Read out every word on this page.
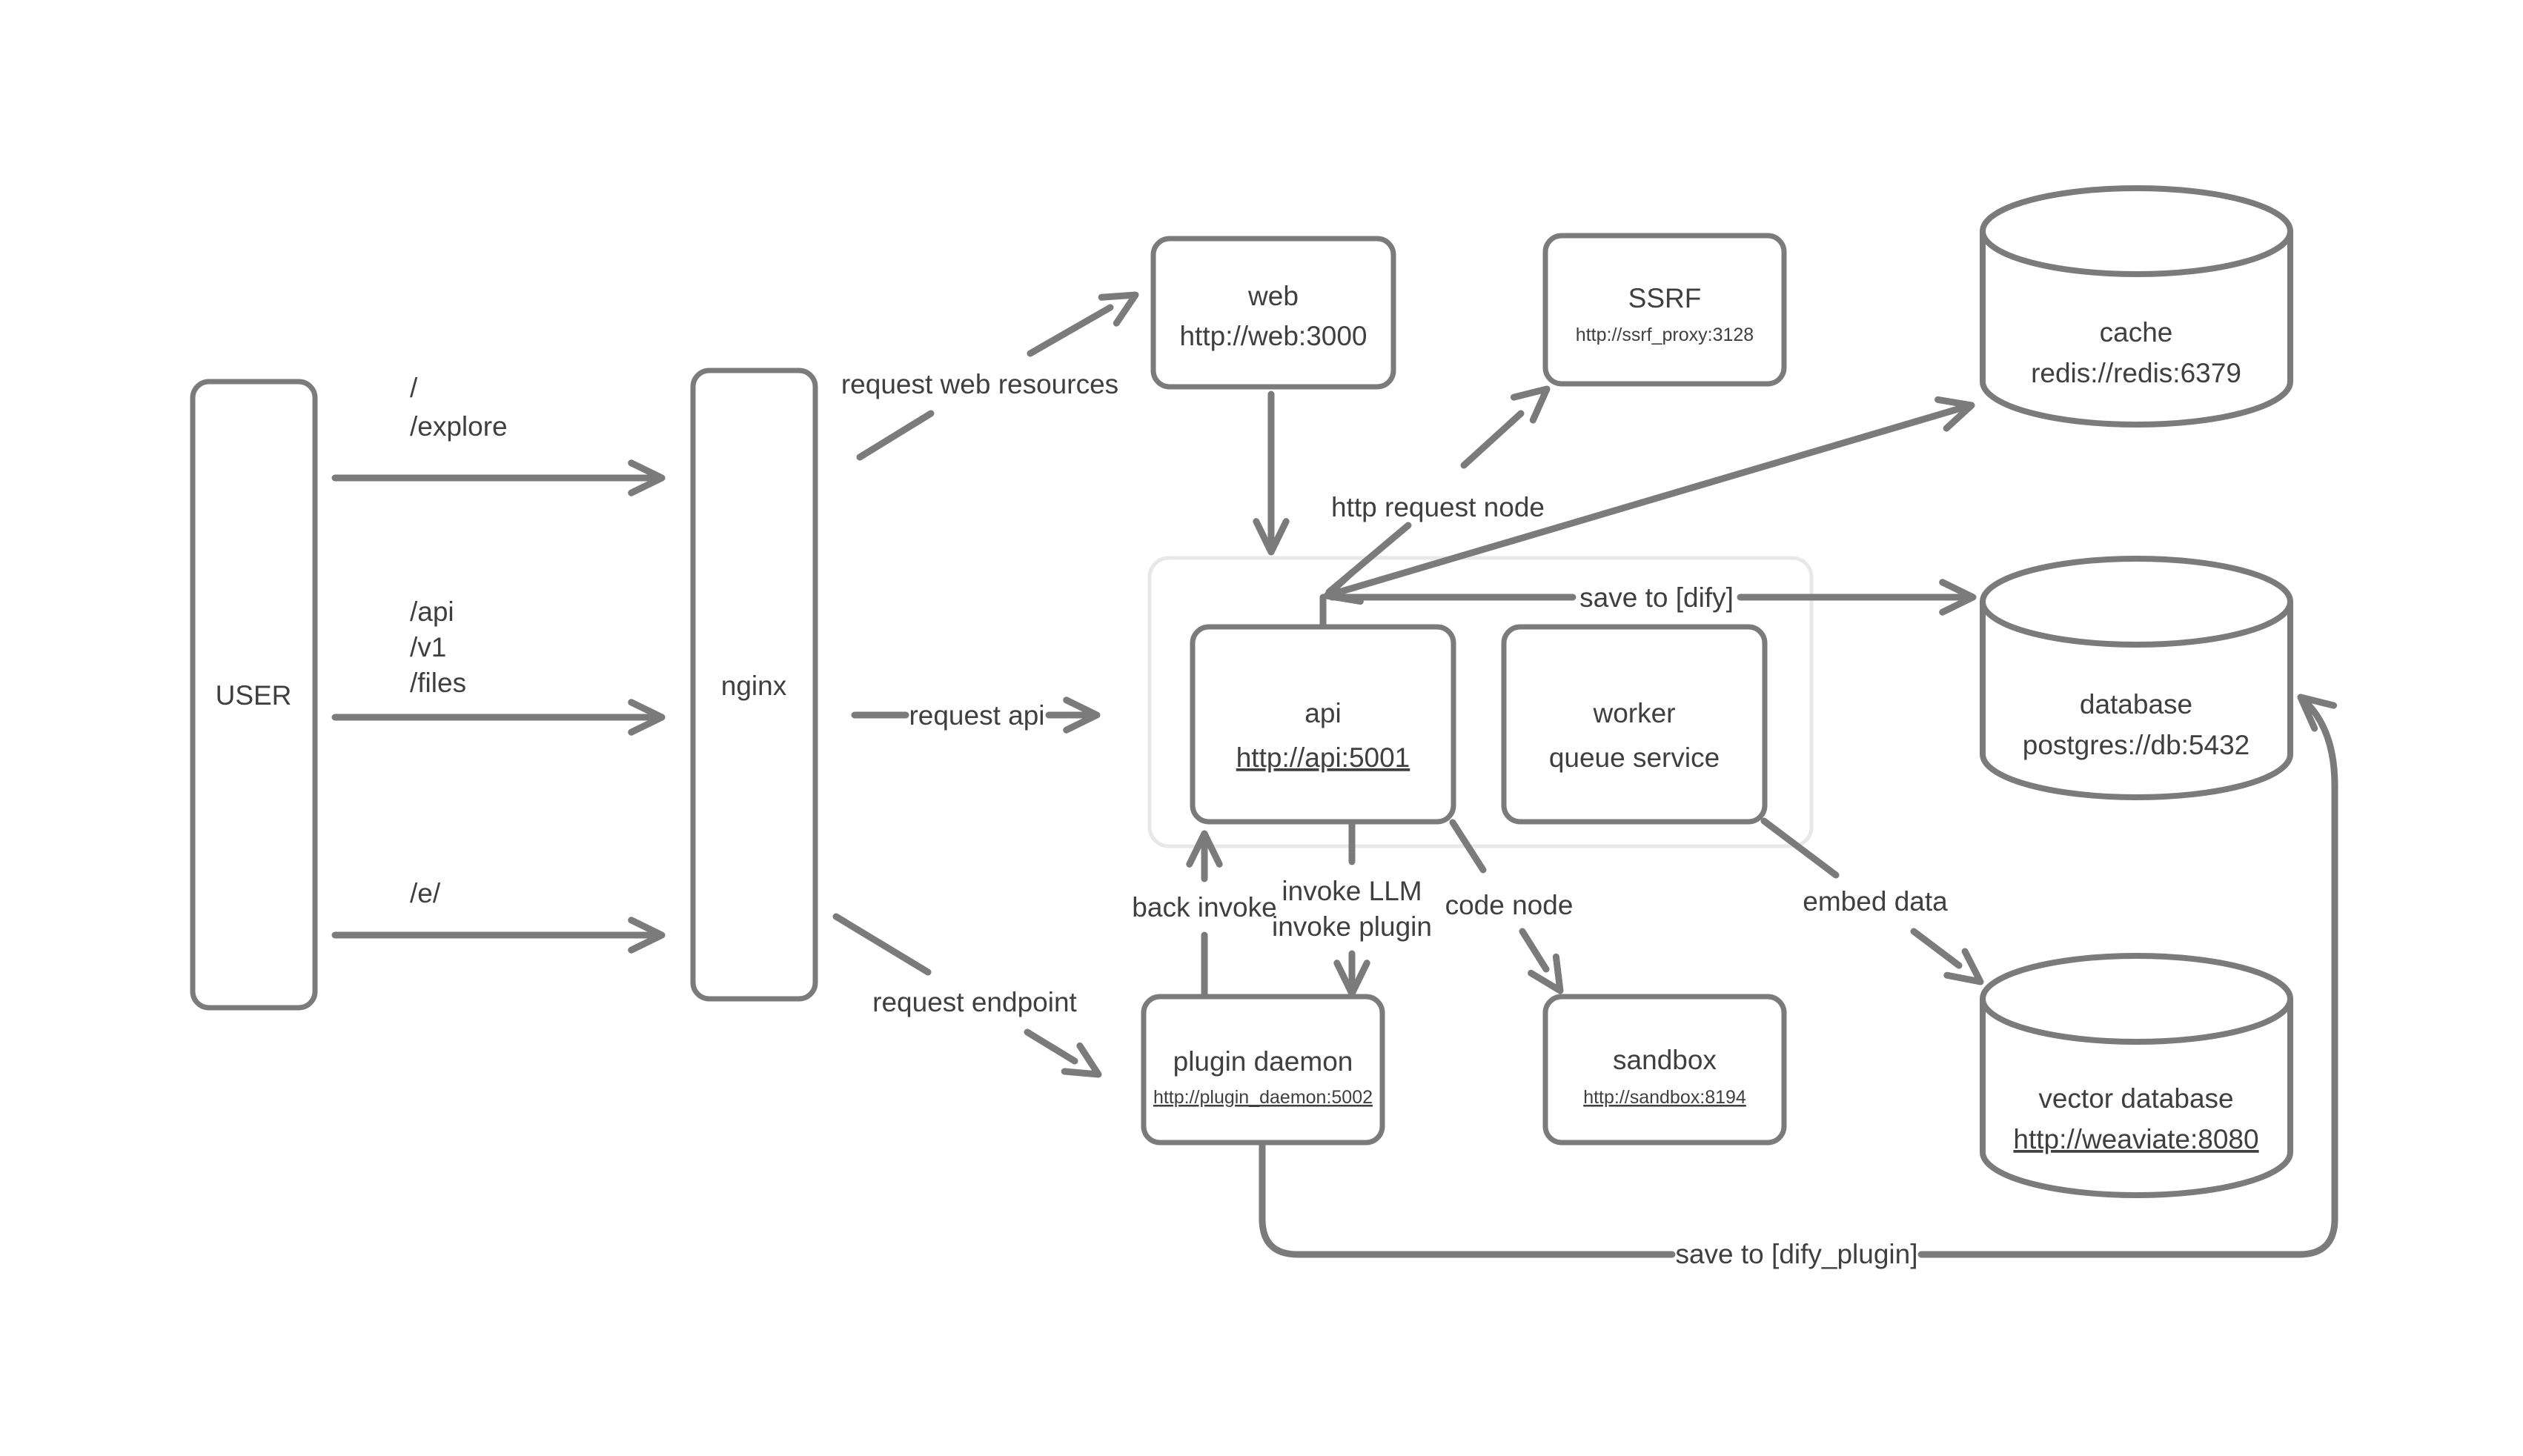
USER	nginx
web
http://web:3000
SSRF
http://ssrf_proxy:3128
api
http://api:5001
worker
queue service
plugin daemon
http://plugin_daemon:5002
sandbox
http://sandbox:8194
cache
redis://redis:6379
database
postgres://db:5432
vector database
http://weaviate:8080
/
/explore
/api
/v1
/files
/e/
request web resources
request api
request endpoint
http request node
save to [dify]
back invoke
invoke LLM
invoke plugin
code node	embed data
save to [dify_plugin]
